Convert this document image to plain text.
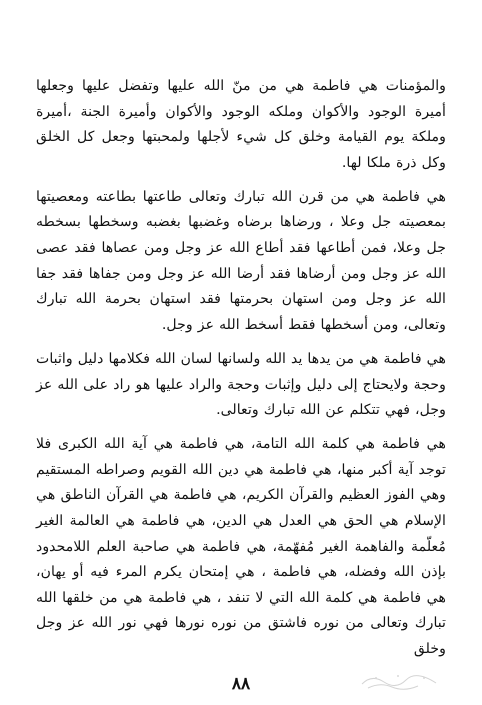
والمؤمنات هي فاطمة هي من منّ الله عليها وتفضل عليها وجعلها أميرة الوجود والأكوان وملكه الوجود والأكوان وأميرة الجنة ،أميرة وملكة يوم القيامة وخلق كل شيء لأجلها ولمحبتها وجعل كل الخلق وكل ذرة ملكا لها.

هي فاطمة هي من قرن الله تبارك وتعالى طاعتها بطاعته ومعصيتها بمعصيته جل وعلا ، ورضاها برضاه وغضبها بغضبه وسخطها بسخطه جل وعلا، فمن أطاعها فقد أطاع الله عز وجل ومن عصاها فقد عصى الله عز وجل ومن أرضاها فقد أرضا الله عز وجل ومن جفاها فقد جفا الله عز وجل ومن استهان بحرمتها فقد استهان بحرمة الله تبارك وتعالى، ومن أسخطها فقط أسخط الله عز وجل.

هي فاطمة هي من يدها يد الله ولسانها لسان الله فكلامها دليل واثبات وحجة ولايحتاج إلى دليل وإثبات وحجة والراد عليها هو راد على الله عز وجل، فهي تتكلم عن الله تبارك وتعالى.

هي فاطمة هي كلمة الله التامة، هي فاطمة هي آية الله الكبرى فلا توجد آية أكبر منها، هي فاطمة هي دين الله القويم وصراطه المستقيم وهي الفوز العظيم والقرآن الكريم، هي فاطمة هي القرآن الناطق هي الإسلام هي الحق هي العدل هي الدين، هي فاطمة هي العالمة الغير مُعلّمة والفاهمة الغير مُفهّمة، هي فاطمة هي صاحبة العلم اللامحدود بإذن الله وفضله، هي فاطمة ، هي إمتحان يكرم المرء فيه أو يهان، هي فاطمة هي كلمة الله التي لا تنفد ، هي فاطمة هي من خلقها الله تبارك وتعالى من نوره فاشتق من نوره نورها فهي نور الله عز وجل وخلق

٨٨
